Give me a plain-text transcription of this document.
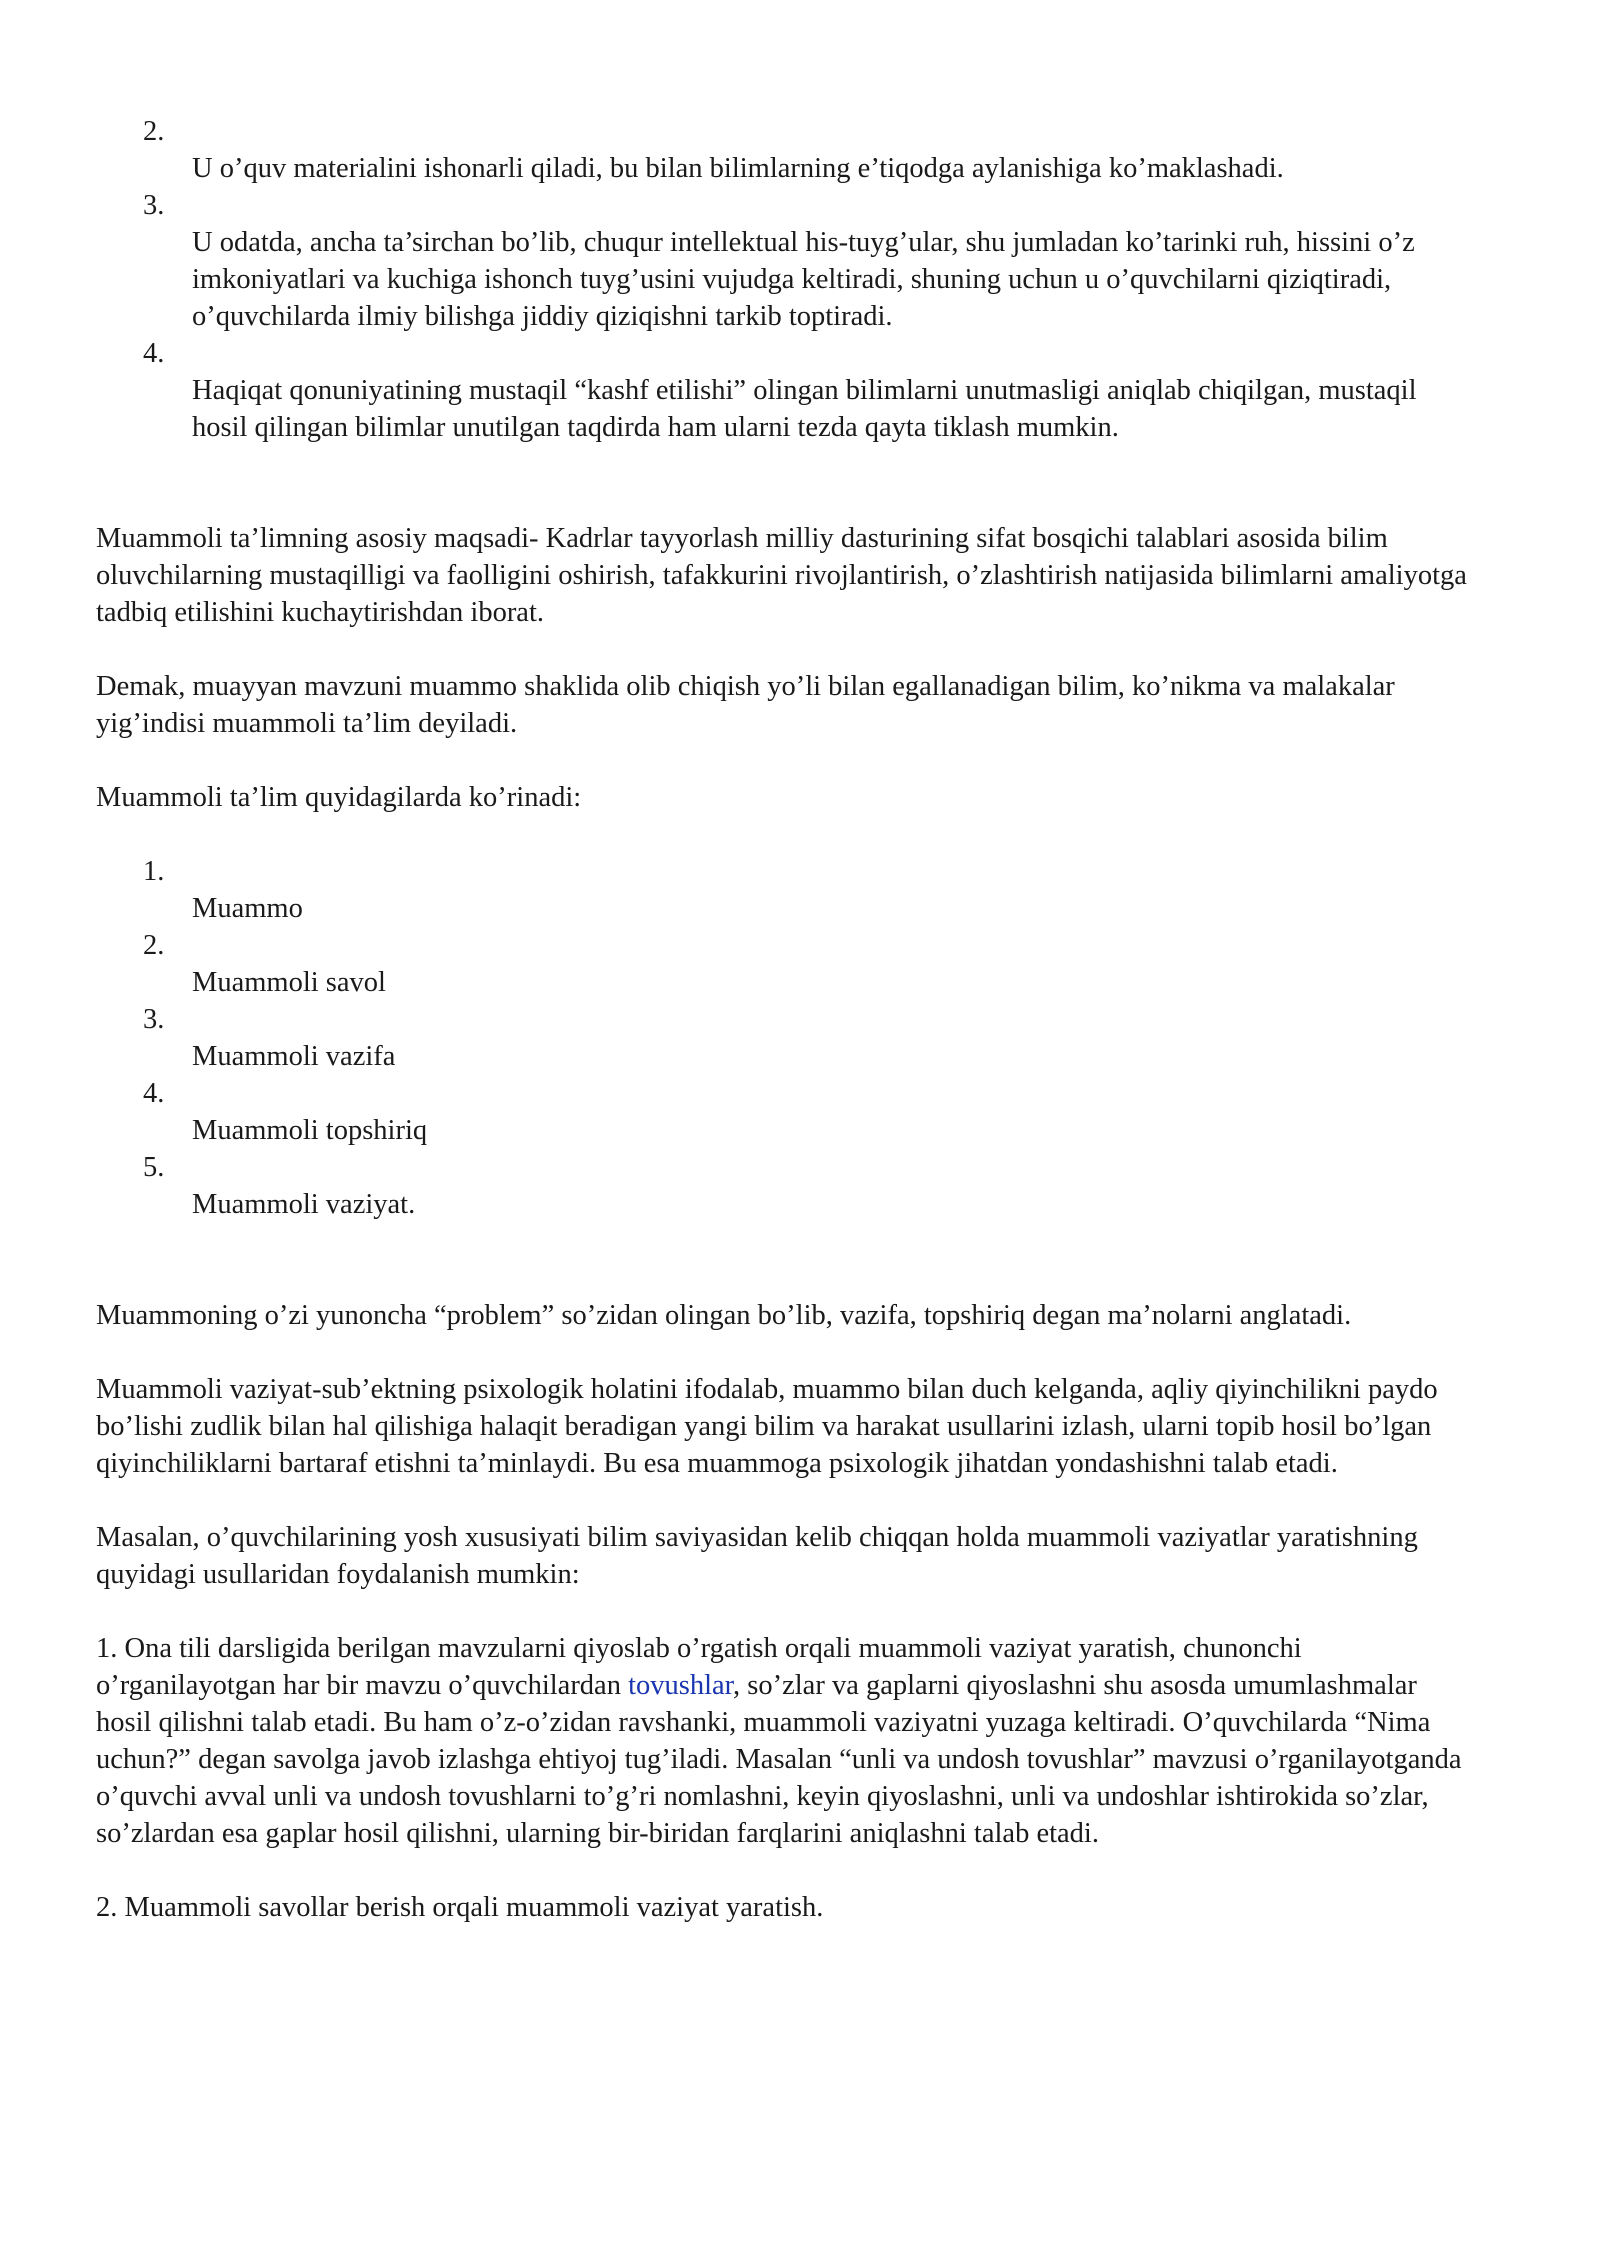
2.
U o’quv materialini ishonarli qiladi, bu bilan bilimlarning e’tiqodga aylanishiga ko’maklashadi.
3.
U odatda, ancha ta’sirchan bo’lib, chuqur intellektual his-tuyg’ular, shu jumladan ko’tarinki ruh, hissini o’z imkoniyatlari va kuchiga ishonch tuyg’usini vujudga keltiradi, shuning uchun u o’quvchilarni qiziqtiradi, o’quvchilarda ilmiy bilishga jiddiy qiziqishni tarkib toptiradi.
4.
Haqiqat qonuniyatining mustaqil “kashf etilishi” olingan bilimlarni unutmasligi aniqlab chiqilgan, mustaqil hosil qilingan bilimlar unutilgan taqdirda ham ularni tezda qayta tiklash mumkin.

Muammoli ta’limning asosiy maqsadi- Kadrlar tayyorlash milliy dasturining sifat bosqichi talablari asosida bilim oluvchilarning mustaqilligi va faolligini oshirish, tafakkurini rivojlantirish, o’zlashtirish natijasida bilimlarni amaliyotga tadbiq etilishini kuchaytirishdan iborat.

Demak, muayyan mavzuni muammo shaklida olib chiqish yo’li bilan egallanadigan bilim, ko’nikma va malakalar yig’indisi muammoli ta’lim deyiladi.

Muammoli ta’lim quyidagilarda ko’rinadi:

1.
Muammo
2.
Muammoli savol
3.
Muammoli vazifa
4.
Muammoli topshiriq
5.
Muammoli vaziyat.

Muammoning o’zi yunoncha “problem” so’zidan olingan bo’lib, vazifa, topshiriq degan ma’nolarni anglatadi.

Muammoli vaziyat-sub’ektning psixologik holatini ifodalab, muammo bilan duch kelganda, aqliy qiyinchilikni paydo bo’lishi zudlik bilan hal qilishiga halaqit beradigan yangi bilim va harakat usullarini izlash, ularni topib hosil bo’lgan qiyinchiliklarni bartaraf etishni ta’minlaydi. Bu esa muammoga psixologik jihatdan yondashishni talab etadi.

Masalan, o’quvchilarining yosh xususiyati bilim saviyasidan kelib chiqqan holda muammoli vaziyatlar yaratishning quyidagi usullaridan foydalanish mumkin:

1. Ona tili darsligida berilgan mavzularni qiyoslab o’rgatish orqali muammoli vaziyat yaratish, chunonchi o’rganilayotgan har bir mavzu o’quvchilardan tovushlar, so’zlar va gaplarni qiyoslashni shu asosda umumlashmalar hosil qilishni talab etadi. Bu ham o’z-o’zidan ravshanki, muammoli vaziyatni yuzaga keltiradi. O’quvchilarda “Nima uchun?” degan savolga javob izlashga ehtiyoj tug’iladi. Masalan “unli va undosh tovushlar” mavzusi o’rganilayotganda o’quvchi avval unli va undosh tovushlarni to’g’ri nomlashni, keyin qiyoslashni, unli va undoshlar ishtirokida so’zlar, so’zlardan esa gaplar hosil qilishni, ularning bir-biridan farqlarini aniqlashni talab etadi.

2. Muammoli savollar berish orqali muammoli vaziyat yaratish.
